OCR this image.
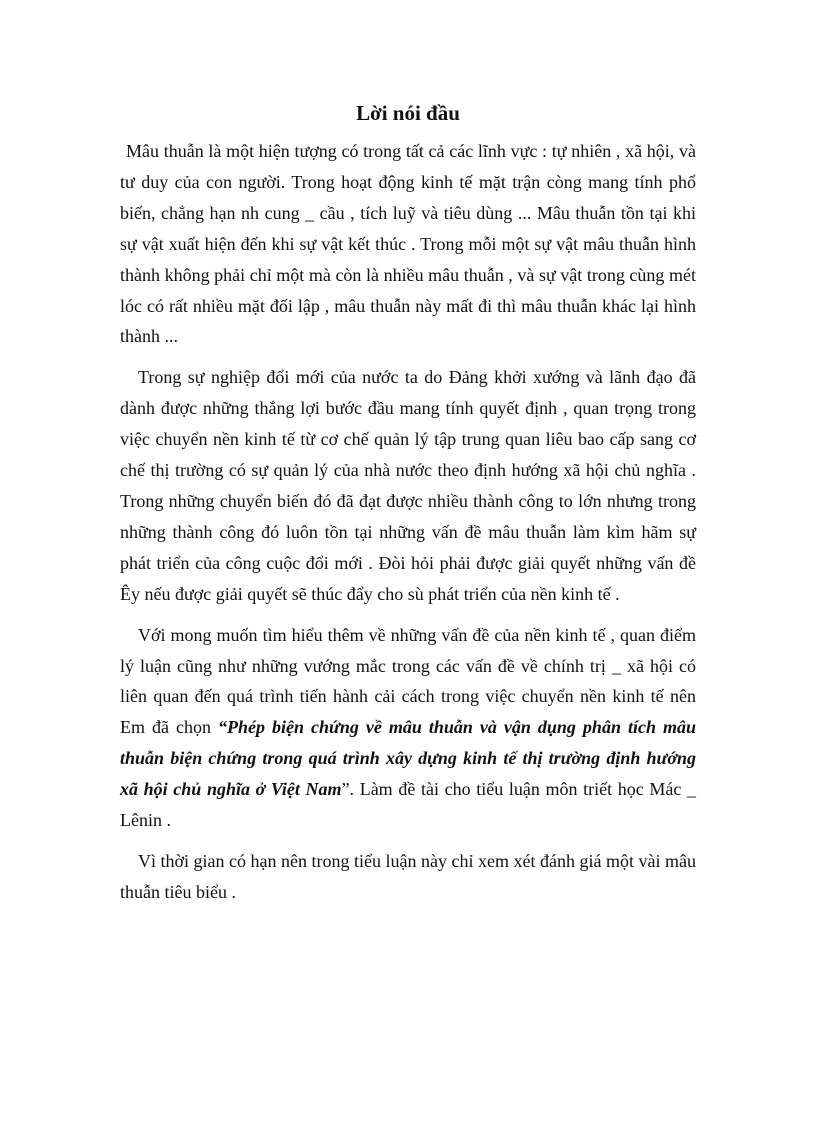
Lời nói đầu

Mâu thuẫn là một hiện tượng có trong tất cả các lĩnh vực : tự nhiên , xã hội, và tư duy của con người. Trong hoạt động kinh tế mặt trận còng mang tính phổ biến, chẳng hạn nh cung _ cầu , tích luỹ và tiêu dùng ... Mâu thuẫn tồn tại khi sự vật xuất hiện đến khi sự vật kết thúc . Trong mỗi một sự vật mâu thuẫn hình thành không phải chỉ một mà còn là nhiều mâu thuẫn , và sự vật trong cùng mét lóc có rất nhiều mặt đối lập , mâu thuẫn này mất đi thì mâu thuẫn khác lại hình thành ...

Trong sự nghiệp đổi mới của nước ta do Đảng khởi xướng và lãnh đạo đã dành được những thắng lợi bước đầu mang tính quyết định , quan trọng trong việc chuyển nền kinh tế từ cơ chế quản lý tập trung quan liêu bao cấp sang cơ chế thị trường có sự quản lý của nhà nước theo định hướng xã hội chủ nghĩa . Trong những chuyển biến đó đã đạt được nhiều thành công to lớn nhưng trong những thành công đó luôn tồn tại những vấn đề mâu thuẫn làm kìm hãm sự phát triển của công cuộc đổi mới . Đòi hỏi phải được giải quyết những vấn đề Êy nếu được giải quyết sẽ thúc đẩy cho sù phát triển của nền kinh tế .

Với mong muốn tìm hiểu thêm về những vấn đề của nền kinh tế , quan điểm lý luận cũng như những vướng mắc trong các vấn đề về chính trị _ xã hội có liên quan đến quá trình tiến hành cải cách trong việc chuyển nền kinh tế nên Em đã chọn “Phép biện chứng về mâu thuẫn và vận dụng phân tích mâu thuẫn biện chứng trong quá trình xây dựng kinh tế thị trường định hướng xã hội chủ nghĩa ở Việt Nam”. Làm đề tài cho tiểu luận môn triết học Mác _ Lênin .

Vì thời gian có hạn nên trong tiểu luận này chỉ xem xét đánh giá một vài mâu thuẫn tiêu biểu .
